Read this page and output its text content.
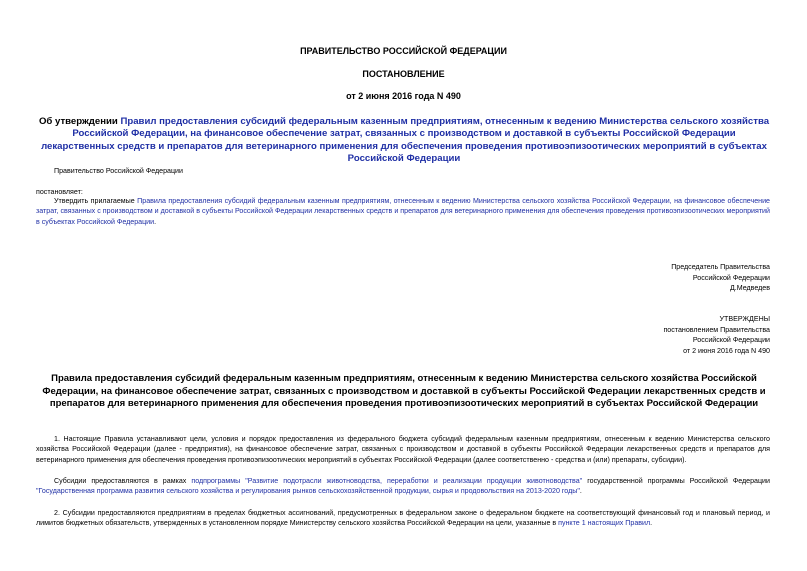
ПРАВИТЕЛЬСТВО РОССИЙСКОЙ ФЕДЕРАЦИИ
ПОСТАНОВЛЕНИЕ
от 2 июня 2016 года N 490
Об утверждении Правил предоставления субсидий федеральным казенным предприятиям, отнесенным к ведению Министерства сельского хозяйства Российской Федерации, на финансовое обеспечение затрат, связанных с производством и доставкой в субъекты Российской Федерации лекарственных средств и препаратов для ветеринарного применения для обеспечения проведения противоэпизоотических мероприятий в субъектах Российской Федерации
Правительство Российской Федерации
постановляет:
Утвердить прилагаемые Правила предоставления субсидий федеральным казенным предприятиям, отнесенным к ведению Министерства сельского хозяйства Российской Федерации, на финансовое обеспечение затрат, связанных с производством и доставкой в субъекты Российской Федерации лекарственных средств и препаратов для ветеринарного применения для обеспечения проведения противоэпизоотических мероприятий в субъектах Российской Федерации.
Председатель Правительства
Российской Федерации
Д.Медведев
УТВЕРЖДЕНЫ
постановлением Правительства
Российской Федерации
от 2 июня 2016 года N 490
Правила предоставления субсидий федеральным казенным предприятиям, отнесенным к ведению Министерства сельского хозяйства Российской Федерации, на финансовое обеспечение затрат, связанных с производством и доставкой в субъекты Российской Федерации лекарственных средств и препаратов для ветеринарного применения для обеспечения проведения противоэпизоотических мероприятий в субъектах Российской Федерации
1. Настоящие Правила устанавливают цели, условия и порядок предоставления из федерального бюджета субсидий федеральным казенным предприятиям, отнесенным к ведению Министерства сельского хозяйства Российской Федерации (далее - предприятия), на финансовое обеспечение затрат, связанных с производством и доставкой в субъекты Российской Федерации лекарственных средств и препаратов для ветеринарного применения для обеспечения проведения противоэпизоотических мероприятий в субъектах Российской Федерации (далее соответственно - средства и (или) препараты, субсидии).
Субсидии предоставляются в рамках подпрограммы "Развитие подотрасли животноводства, переработки и реализации продукции животноводства" государственной программы Российской Федерации "Государственная программа развития сельского хозяйства и регулирования рынков сельскохозяйственной продукции, сырья и продовольствия на 2013-2020 годы".
2. Субсидии предоставляются предприятиям в пределах бюджетных ассигнований, предусмотренных в федеральном законе о федеральном бюджете на соответствующий финансовый год и плановый период, и лимитов бюджетных обязательств, утвержденных в установленном порядке Министерству сельского хозяйства Российской Федерации на цели, указанные в пункте 1 настоящих Правил.
